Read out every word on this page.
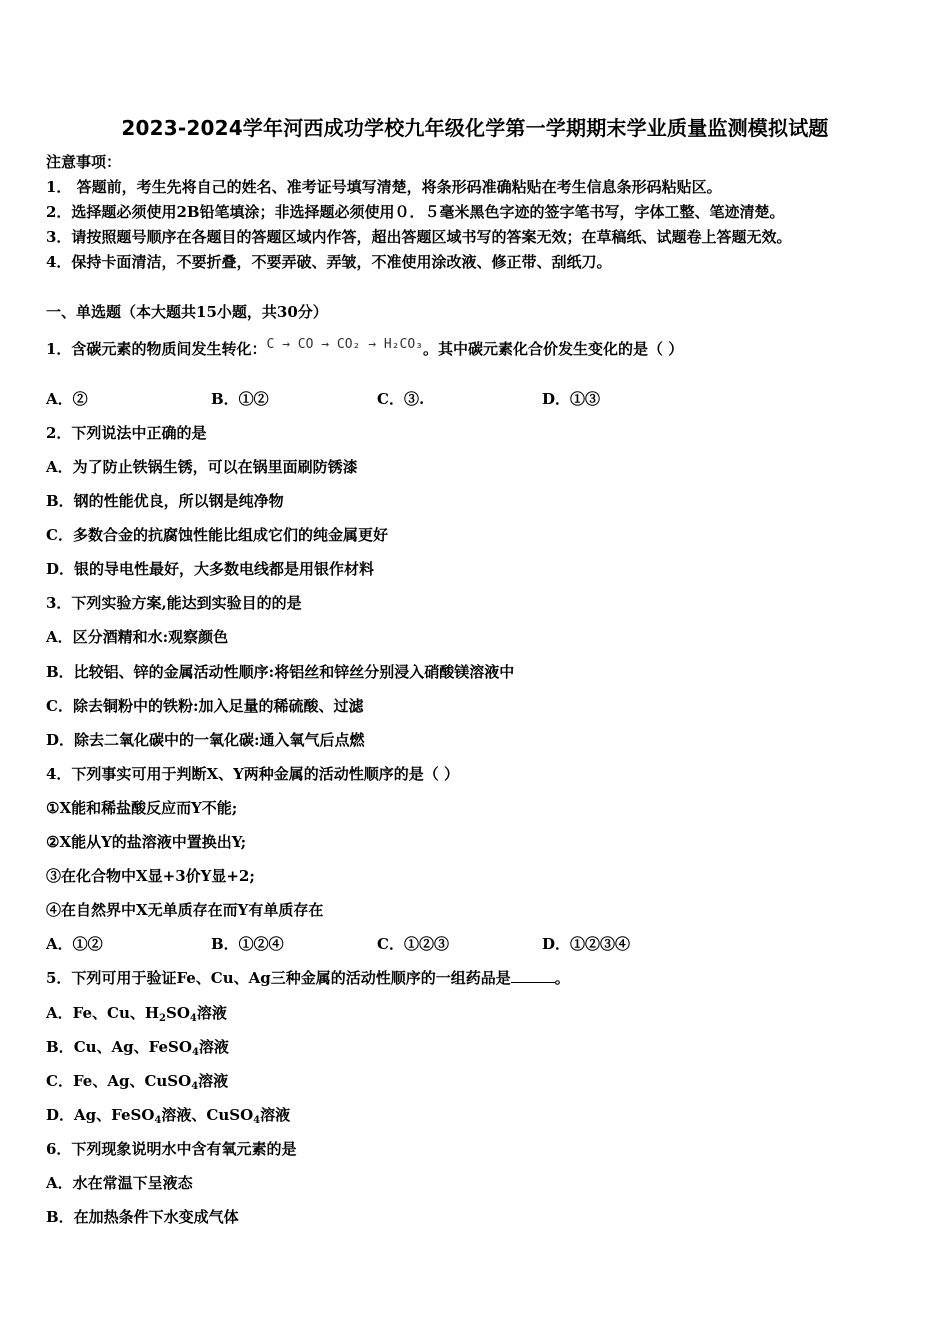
2023-2024学年河西成功学校九年级化学第一学期期末学业质量监测模拟试题
注意事项：
1． 答题前，考生先将自己的姓名、准考证号填写清楚，将条形码准确粘贴在考生信息条形码粘贴区。
2．选择题必须使用2B铅笔填涂；非选择题必须使用０．５毫米黑色字迹的签字笔书写，字体工整、笔迹清楚。
3．请按照题号顺序在各题目的答题区域内作答，超出答题区域书写的答案无效；在草稿纸、试题卷上答题无效。
4．保持卡面清洁，不要折叠，不要弄破、弄皱，不准使用涂改液、修正带、刮纸刀。
一、单选题（本大题共15小题，共30分）
1．含碳元素的物质间发生转化：C → CO → CO₂ → H₂CO₃。其中碳元素化合价发生变化的是（ ）
A．②	B．①②	C．③.	D．①③
2．下列说法中正确的是
A．为了防止铁锅生锈，可以在锅里面刷防锈漆
B．钢的性能优良，所以钢是纯净物
C．多数合金的抗腐蚀性能比组成它们的纯金属更好
D．银的导电性最好，大多数电线都是用银作材料
3．下列实验方案,能达到实验目的的是
A．区分酒精和水:观察颜色
B．比较铝、锌的金属活动性顺序:将铝丝和锌丝分别浸入硝酸镁溶液中
C．除去铜粉中的铁粉:加入足量的稀硫酸、过滤
D．除去二氧化碳中的一氧化碳:通入氧气后点燃
4．下列事实可用于判断X、Y两种金属的活动性顺序的是（ ）
①X能和稀盐酸反应而Y不能;
②X能从Y的盐溶液中置换出Y;
③在化合物中X显+3价Y显+2;
④在自然界中X无单质存在而Y有单质存在
A．①②	B．①②④	C．①②③	D．①②③④
5．下列可用于验证Fe、Cu、Ag三种金属的活动性顺序的一组药品是	。
A．Fe、Cu、$H_2SO_4$溶液
B．Cu、Ag、FeSO$_4$溶液
C．Fe、Ag、CuSO$_4$溶液
D．Ag、FeSO$_4$溶液、CuSO$_4$溶液
6．下列现象说明水中含有氧元素的是
A．水在常温下呈液态
B．在加热条件下水变成气体
